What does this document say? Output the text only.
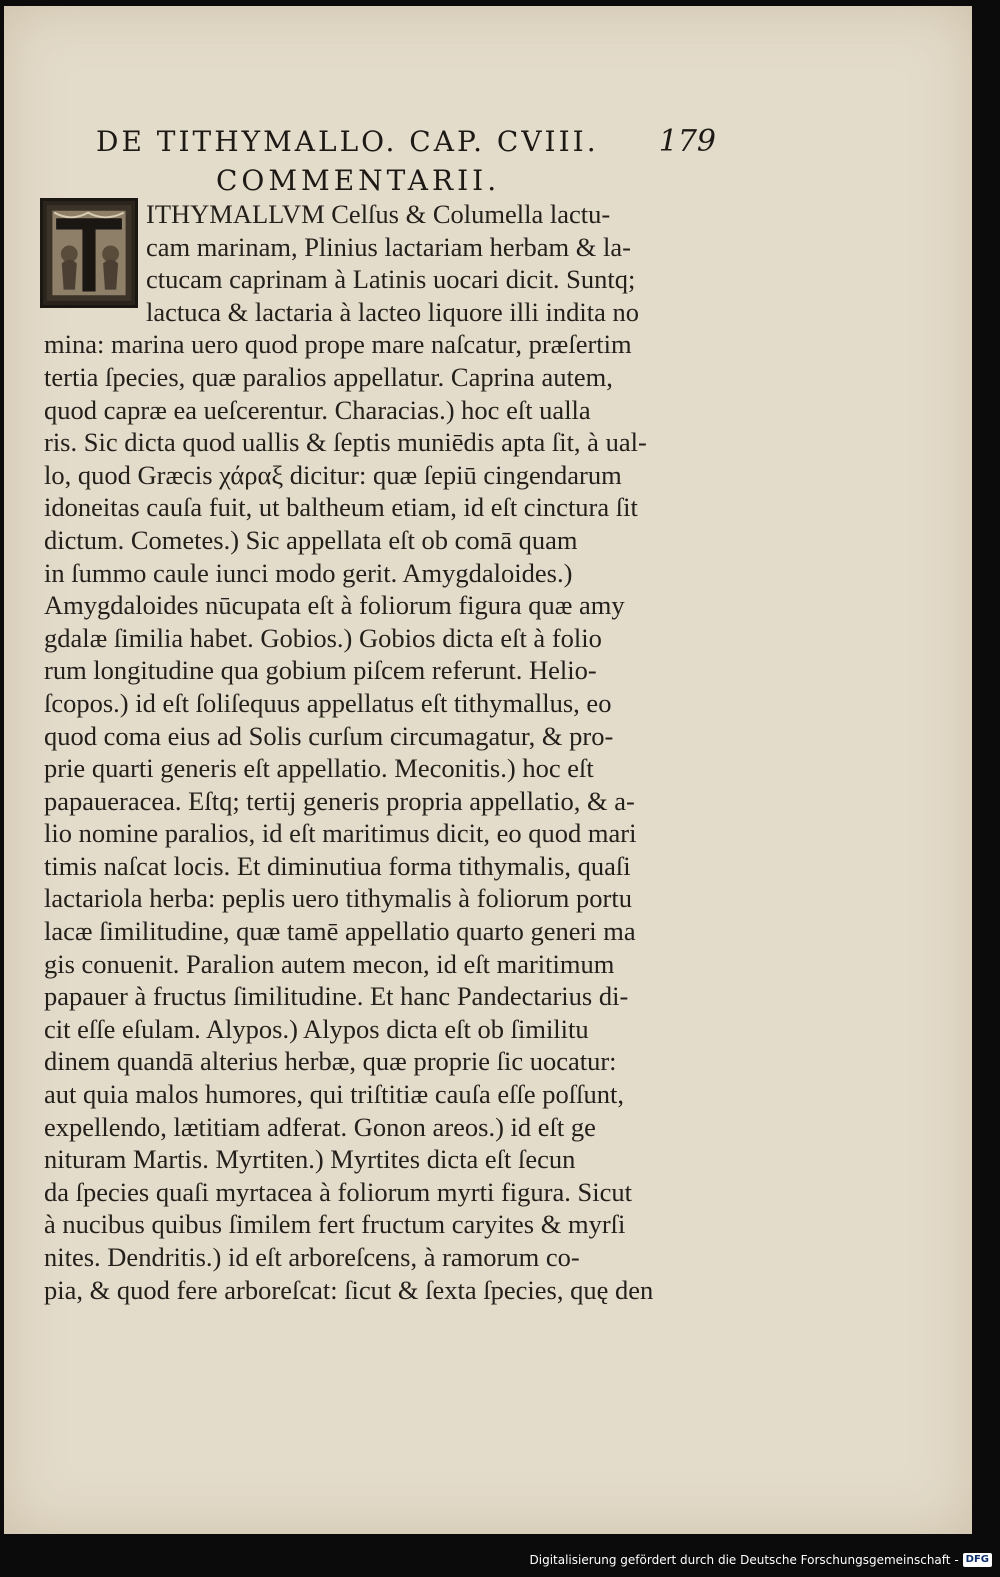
DE TITHYMALLO. CAP. CVIII. 179
COMMENTARII.
ITHYMALLVM Celſus & Columella lactu-
cam marinam, Plinius lactariam herbam & la-
ctucam caprinam à Latinis uocari dicit. Suntq;
lactuca & lactaria à lacteo liquore illi indita no
mina: marina uero quod prope mare naſcatur, præſertim
tertia ſpecies, quæ paralios appellatur. Caprina autem,
quod capræ ea ueſcerentur. Characias.) hoc eſt ualla
ris. Sic dicta quod uallis & ſeptis muniēdis apta ſit, à ual-
lo, quod Græcis χάραξ dicitur: quæ ſepiū cingendarum
idoneitas cauſa fuit, ut baltheum etiam, id eſt cinctura ſit
dictum. Cometes.) Sic appellata eſt ob comā quam
in ſummo caule iunci modo gerit. Amygdaloides.)
Amygdaloides nūcupata eſt à foliorum figura quæ amy
gdalæ ſimilia habet. Gobios.) Gobios dicta eſt à folio
rum longitudine qua gobium piſcem referunt. Helio-
ſcopos.) id eſt ſoliſequus appellatus eſt tithymallus, eo
quod coma eius ad Solis curſum circumagatur, & pro-
prie quarti generis eſt appellatio. Meconitis.) hoc eſt
papaueracea. Eſtq; tertij generis propria appellatio, & a-
lio nomine paralios, id eſt maritimus dicit, eo quod mari
timis naſcat locis. Et diminutiua forma tithymalis, quaſi
lactariola herba: peplis uero tithymalis à foliorum portu
lacæ ſimilitudine, quæ tamē appellatio quarto generi ma
gis conuenit. Paralion autem mecon, id eſt maritimum
papauer à fructus ſimilitudine. Et hanc Pandectarius di-
cit eſſe eſulam. Alypos.) Alypos dicta eſt ob ſimilitu
dinem quandā alterius herbæ, quæ proprie ſic uocatur:
aut quia malos humores, qui triſtitiæ cauſa eſſe poſſunt,
expellendo, lætitiam adferat. Gonon areos.) id eſt ge
nituram Martis. Myrtiten.) Myrtites dicta eſt ſecun
da ſpecies quaſi myrtacea à foliorum myrti figura. Sicut
à nucibus quibus ſimilem fert fructum caryites & myrſi
nites. Dendritis.) id eſt arboreſcens, à ramorum co-
pia, & quod fere arboreſcat: ſicut & ſexta ſpecies, quę den
Digitalisierung gefördert durch die Deutsche Forschungsgemeinschaft - DFG
